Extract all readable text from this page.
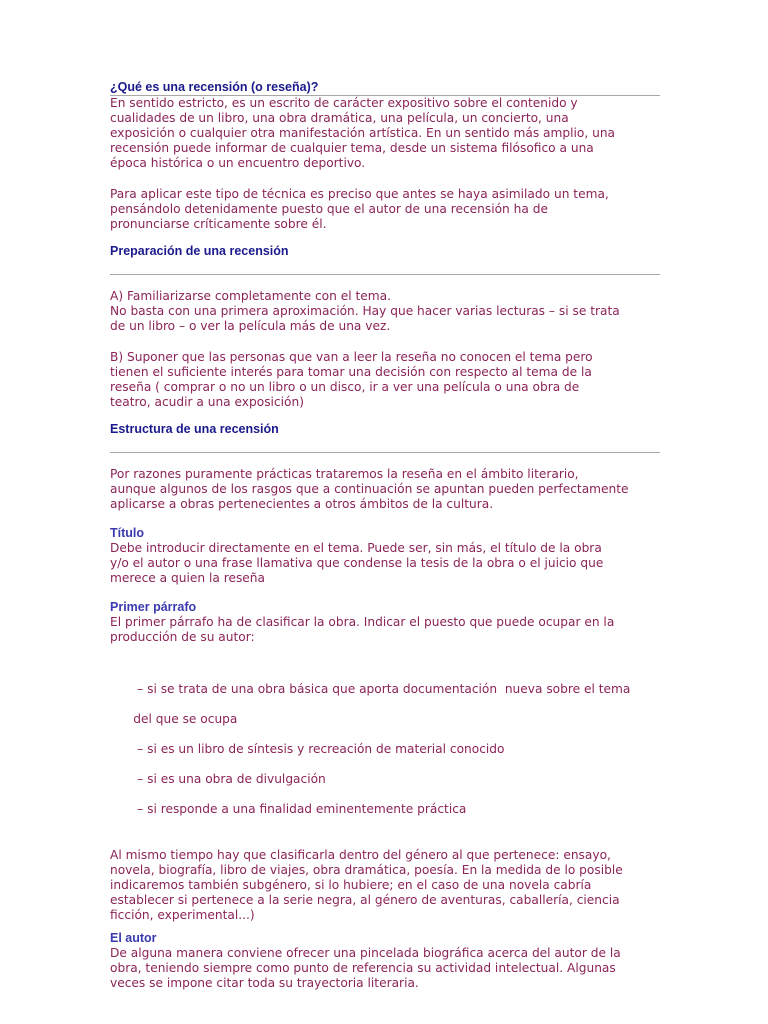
¿Qué es una recensión (o reseña)?

En sentido estricto, es un escrito de carácter expositivo sobre el contenido y
cualidades de un libro, una obra dramática, una película, un concierto, una
exposición o cualquier otra manifestación artística. En un sentido más amplio, una
recensión puede informar de cualquier tema, desde un sistema filósofico a una
época histórica o un encuentro deportivo.

Para aplicar este tipo de técnica es preciso que antes se haya asimilado un tema,
pensándolo detenidamente puesto que el autor de una recensión ha de
pronunciarse críticamente sobre él.

Preparación de una recensión

A) Familiarizarse completamente con el tema.
No basta con una primera aproximación. Hay que hacer varias lecturas – si se trata
de un libro – o ver la película más de una vez.

B) Suponer que las personas que van a leer la reseña no conocen el tema pero
tienen el suficiente interés para tomar una decisión con respecto al tema de la
reseña ( comprar o no un libro o un disco, ir a ver una película o una obra de
teatro, acudir a una exposición)

Estructura de una recensión

Por razones puramente prácticas trataremos la reseña en el ámbito literario,
aunque algunos de los rasgos que a continuación se apuntan pueden perfectamente
aplicarse a obras pertenecientes a otros ámbitos de la cultura.

Título

Debe introducir directamente en el tema. Puede ser, sin más, el título de la obra
y/o el autor o una frase llamativa que condense la tesis de la obra o el juicio que
merece a quien la reseña

Primer párrafo

El primer párrafo ha de clasificar la obra. Indicar el puesto que puede ocupar en la
producción de su autor:

– si se trata de una obra básica que aporta documentación  nueva sobre el tema

del que se ocupa

– si es un libro de síntesis y recreación de material conocido

– si es una obra de divulgación

– si responde a una finalidad eminentemente práctica

Al mismo tiempo hay que clasificarla dentro del género al que pertenece: ensayo,
novela, biografía, libro de viajes, obra dramática, poesía. En la medida de lo posible
indicaremos también subgénero, si lo hubiere; en el caso de una novela cabría
establecer si pertenece a la serie negra, al género de aventuras, caballería, ciencia
ficción, experimental...)

El autor

De alguna manera conviene ofrecer una pincelada biográfica acerca del autor de la
obra, teniendo siempre como punto de referencia su actividad intelectual. Algunas
veces se impone citar toda su trayectoria literaria.
